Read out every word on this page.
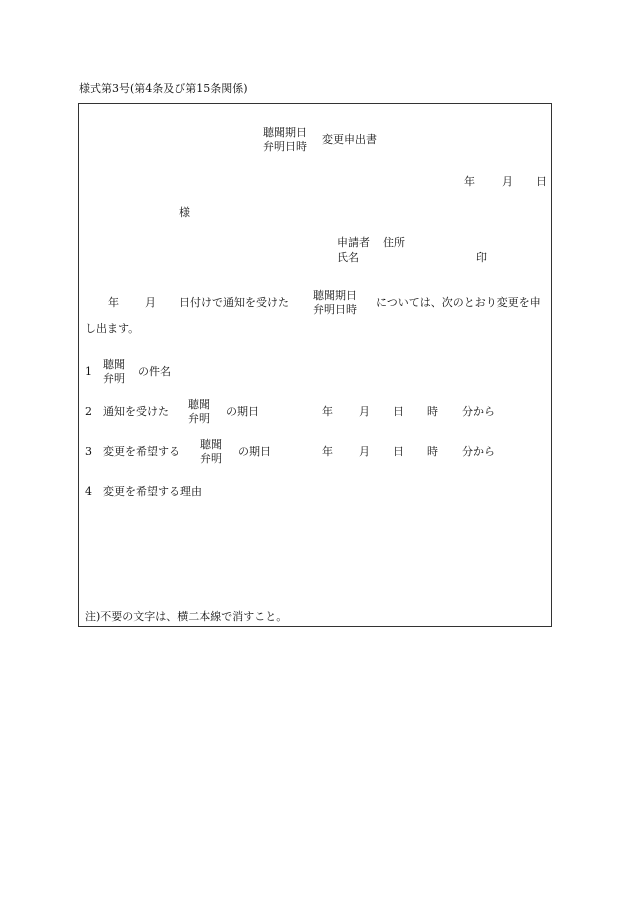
様式第3号(第4条及び第15条関係)
聴聞期日
弁明日時
変更申出書
年 月 日
様
申請者 住所
氏名	印
年 月 日付けで通知を受けた
聴聞期日
弁明日時
については、次のとおり変更を申
し出ます。
1
聴聞
弁明
の件名
2 通知を受けた
聴聞
弁明
の期日	年 月 日 時 分から
3 変更を希望する
聴聞
弁明
の期日	年 月 日 時 分から
4 変更を希望する理由
注)不要の文字は、横二本線で消すこと。
